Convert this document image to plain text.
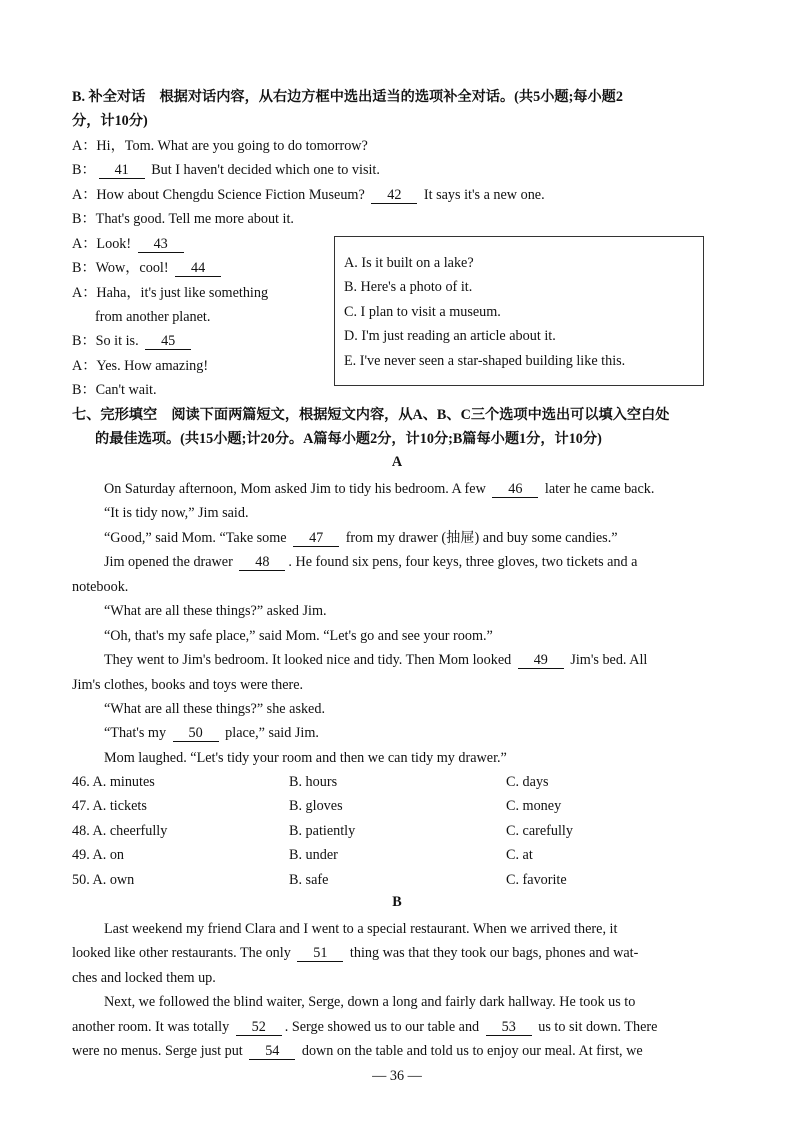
B. 补全对话　根据对话内容，从右边方框中选出适当的选项补全对话。(共5小题;每小题2
分，计10分)
A：Hi，Tom. What are you going to do tomorrow?
B： 41 But I haven't decided which one to visit.
A：How about Chengdu Science Fiction Museum? 42 It says it's a new one.
B：That's good. Tell me more about it.
A：Look! 43
B：Wow，cool! 44
A：Haha，it's just like something
from another planet.
B：So it is. 45
A：Yes. How amazing!
B：Can't wait.
A. Is it built on a lake?
B. Here's a photo of it.
C. I plan to visit a museum.
D. I'm just reading an article about it.
E. I've never seen a star-shaped building like this.
七、完形填空　阅读下面两篇短文，根据短文内容，从A、B、C三个选项中选出可以填入空白处
的最佳选项。(共15小题;计20分。A篇每小题2分，计10分;B篇每小题1分，计10分)
A
On Saturday afternoon, Mom asked Jim to tidy his bedroom. A few 46 later he came back.
“It is tidy now,” Jim said.
“Good,” said Mom. “Take some 47 from my drawer (抽屉) and buy some candies.”
Jim opened the drawer 48 . He found six pens, four keys, three gloves, two tickets and a
notebook.
“What are all these things?” asked Jim.
“Oh, that's my safe place,” said Mom. “Let's go and see your room.”
They went to Jim's bedroom. It looked nice and tidy. Then Mom looked 49 Jim's bed. All
Jim's clothes, books and toys were there.
“What are all these things?” she asked.
“That's my 50 place,” said Jim.
Mom laughed. “Let's tidy your room and then we can tidy my drawer.”
46. A. minutes	B. hours	C. days
47. A. tickets	B. gloves	C. money
48. A. cheerfully	B. patiently	C. carefully
49. A. on	B. under	C. at
50. A. own	B. safe	C. favorite
B
Last weekend my friend Clara and I went to a special restaurant. When we arrived there, it
looked like other restaurants. The only 51 thing was that they took our bags, phones and wat-
ches and locked them up.
Next, we followed the blind waiter, Serge, down a long and fairly dark hallway. He took us to
another room. It was totally 52 . Serge showed us to our table and 53 us to sit down. There
were no menus. Serge just put 54 down on the table and told us to enjoy our meal. At first, we
— 36 —
